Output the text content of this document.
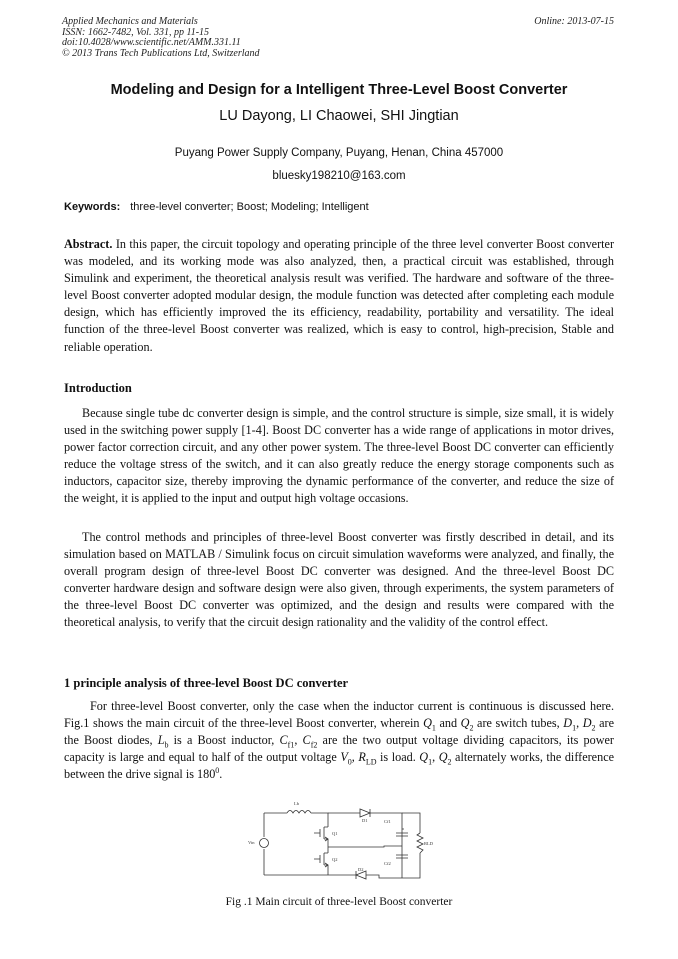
Applied Mechanics and Materials
ISSN: 1662-7482, Vol. 331, pp 11-15
doi:10.4028/www.scientific.net/AMM.331.11
© 2013 Trans Tech Publications Ltd, Switzerland
Online: 2013-07-15
Modeling and Design for a Intelligent Three-Level Boost Converter
LU Dayong, LI Chaowei, SHI Jingtian
Puyang Power Supply Company, Puyang, Henan, China 457000
bluesky198210@163.com
Keywords: three-level converter; Boost; Modeling; Intelligent

Abstract. In this paper, the circuit topology and operating principle of the three level converter Boost converter was modeled, and its working mode was also analyzed, then, a practical circuit was established, through Simulink and experiment, the theoretical analysis result was verified. The hardware and software of the three-level Boost converter adopted modular design, the module function was detected after completing each module design, which has efficiently improved the its efficiency, readability, portability and versatility. The ideal function of the three-level Boost converter was realized, which is easy to control, high-precision, Stable and reliable operation.

Introduction

Because single tube dc converter design is simple, and the control structure is simple, size small, it is widely used in the switching power supply [1-4]. Boost DC converter has a wide range of applications in motor drives, power factor correction circuit, and any other power system. The three-level Boost DC converter can efficiently reduce the voltage stress of the switch, and it can also greatly reduce the energy storage components such as inductors, capacitor size, thereby improving the dynamic performance of the converter, and reduce the size of the weight, it is applied to the input and output high voltage occasions.

The control methods and principles of three-level Boost converter was firstly described in detail, and its simulation based on MATLAB / Simulink focus on circuit simulation waveforms were analyzed, and finally, the overall program design of three-level Boost DC converter was designed. And the three-level Boost DC converter hardware design and software design were also given, through experiments, the system parameters of the three-level Boost DC converter was optimized, and the design and results were compared with the theoretical analysis, to verify that the circuit design rationality and the validity of the control effect.

1 principle analysis of three-level Boost DC converter

For three-level Boost converter, only the case when the inductor current is continuous is discussed here. Fig.1 shows the main circuit of the three-level Boost converter, wherein $Q_1$ and $Q_2$ are switch tubes, $D_1$, $D_2$ are the Boost diodes, $L_b$ is a Boost inductor, $C_{f1}$, $C_{f2}$ are the two output voltage dividing capacitors, its power capacity is large and equal to half of the output voltage $V_0$, $R_{LD}$ is load. $Q_1$, $Q_2$ alternately works, the difference between the drive signal is $180^0$.

Lb
Vin
Q1
Q2
D1
D2
Cf1
Cf2
RLD
Fig .1 Main circuit of three-level Boost converter
